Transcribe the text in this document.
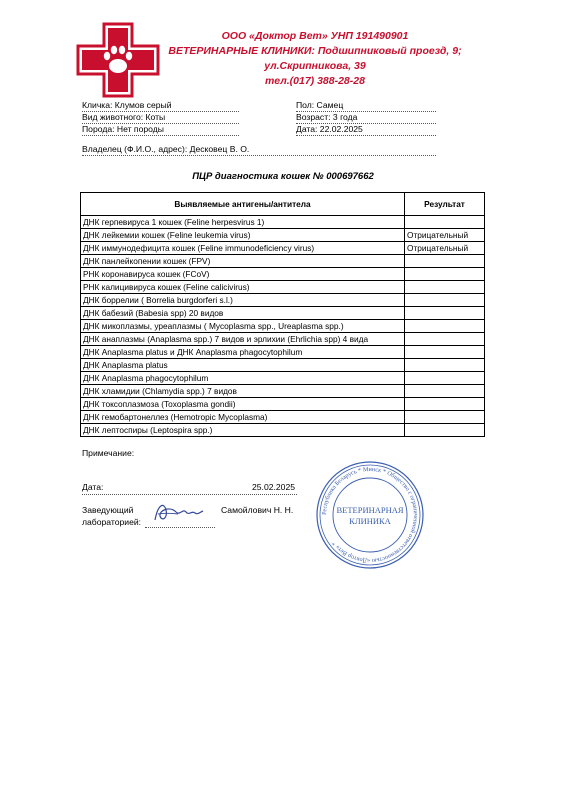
ООО «Доктор Вет» УНП 191490901
ВЕТЕРИНАРНЫЕ КЛИНИКИ: Подшипниковый проезд, 9;
ул.Скрипникова, 39
тел.(017) 388-28-28
Кличка: Клумов серый
Вид животного: Коты
Порода: Нет породы
Пол: Самец
Возраст: 3 года
Дата: 22.02.2025
Владелец (Ф.И.О., адрес): Десковец В. О.
ПЦР диагностика кошек № 000697662
Выявляемые антигены/антитела	Результат
ДНК герпевируса 1 кошек (Feline herpesvirus 1)	
ДНК лейкемии кошек (Feline leukemia virus)	Отрицательный
ДНК иммунодефицита кошек (Feline immunodeficiency virus)	Отрицательный
ДНК панлейкопении кошек (FPV)	
РНК коронавируса кошек (FCoV)	
РНК калицивируса кошек (Feline calicivirus)	
ДНК боррелии ( Borrelia burgdorferi s.l.)	
ДНК бабезий (Babesia spp) 20 видов	
ДНК микоплазмы, уреаплазмы ( Mycoplasma spp., Ureaplasma spp.)	
ДНК анаплазмы (Anaplasma spp.) 7 видов и эрлихии (Ehrlichia spp) 4 вида	
ДНК Anaplasma platus и ДНК Anaplasma phagocytophilum	
ДНК Anaplasma platus	
ДНК Anaplasma phagocytophilum	
ДНК хламидии (Chlamydia spp.) 7 видов	
ДНК токсоплазмоза (Toxoplasma gondii)	
ДНК гемобартонеллез (Hemotropic Mycoplasma)	
ДНК лептоспиры (Leptospira spp.)	
Примечание:
Дата:	25.02.2025
Заведующий
лабораторией:
Самойлович Н. Н.	Республика Беларусь * Минск * Общество с ограниченной ответственностью «Доктор Вет» *
ВЕТЕРИНАРНАЯ
КЛИНИКА
